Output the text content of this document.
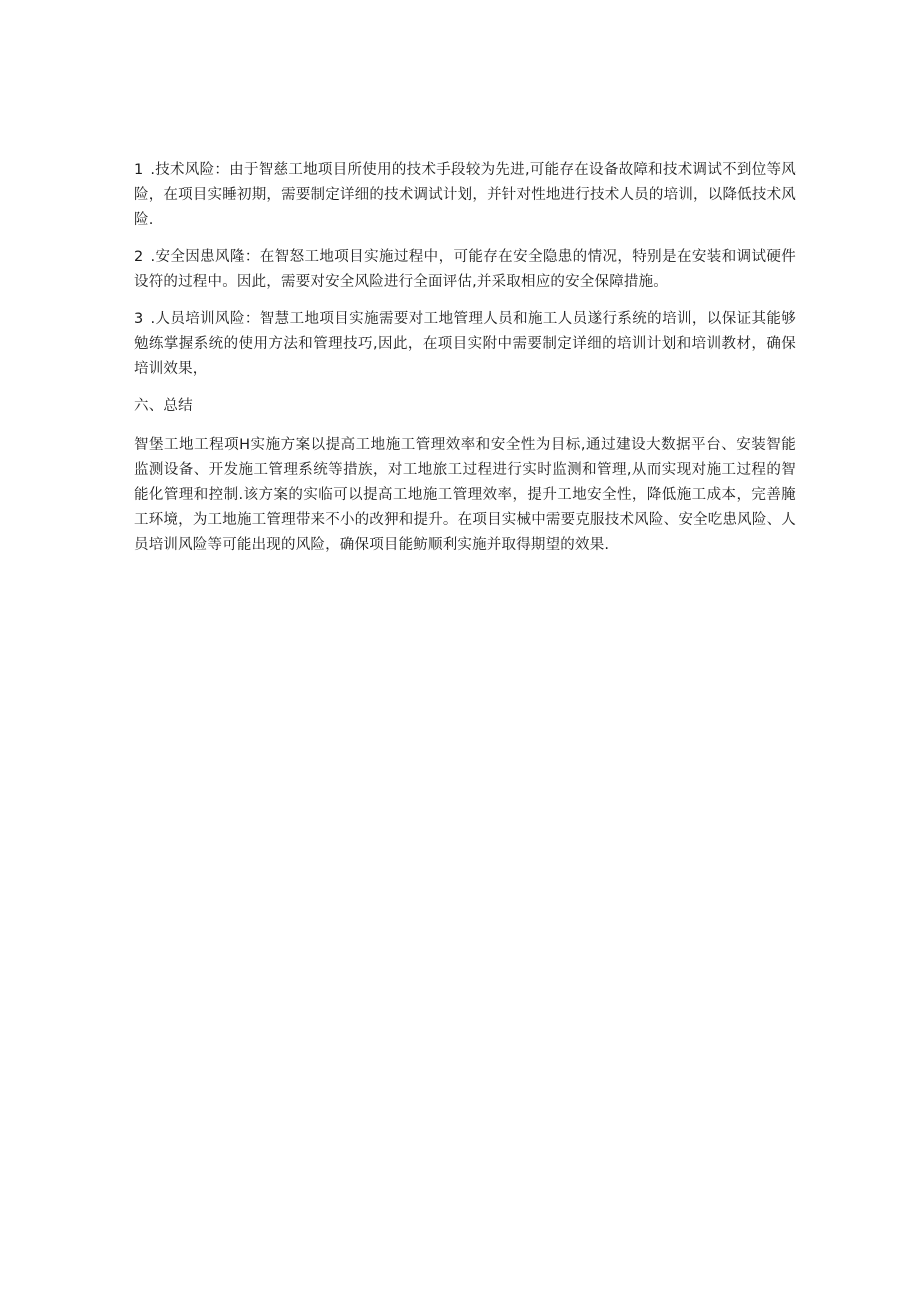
1 .技术风险：由于智慈工地项目所使用的技术手段较为先进,可能存在设备故障和技术调试不到位等风险，在项目实睡初期，需要制定详细的技术调试计划，并针对性地进行技术人员的培训，以降低技术风险.

2 .安全因患风隆：在智怒工地项目实施过程中，可能存在安全隐患的情况，特别是在安装和调试硬件设符的过程中。因此，需要对安全风险进行全面评估,并采取相应的安全保障措施。

3 .人员培训风险：智慧工地项目实施需要对工地管理人员和施工人员遂行系统的培训，以保证其能够勉练掌握系统的使用方法和管理技巧,因此，在项目实附中需要制定详细的培训计划和培训教材，确保培训效果，

六、总结

智堡工地工程项H实施方案以提高工地施工管理效率和安全性为目标,通过建设大数据平台、安装智能监测设备、开发施工管理系统等措族，对工地旅工过程进行实时监测和管理,从而实现对施工过程的智能化管理和控制.该方案的实临可以提高工地施工管理效率，提升工地安全性，降低施工成本，完善腌工环境，为工地施工管理带来不小的改狎和提升。在项目实械中需要克服技术风险、安全吃患风险、人员培训风险等可能出现的风险，确保项目能鲂顺利实施并取得期望的效果.
